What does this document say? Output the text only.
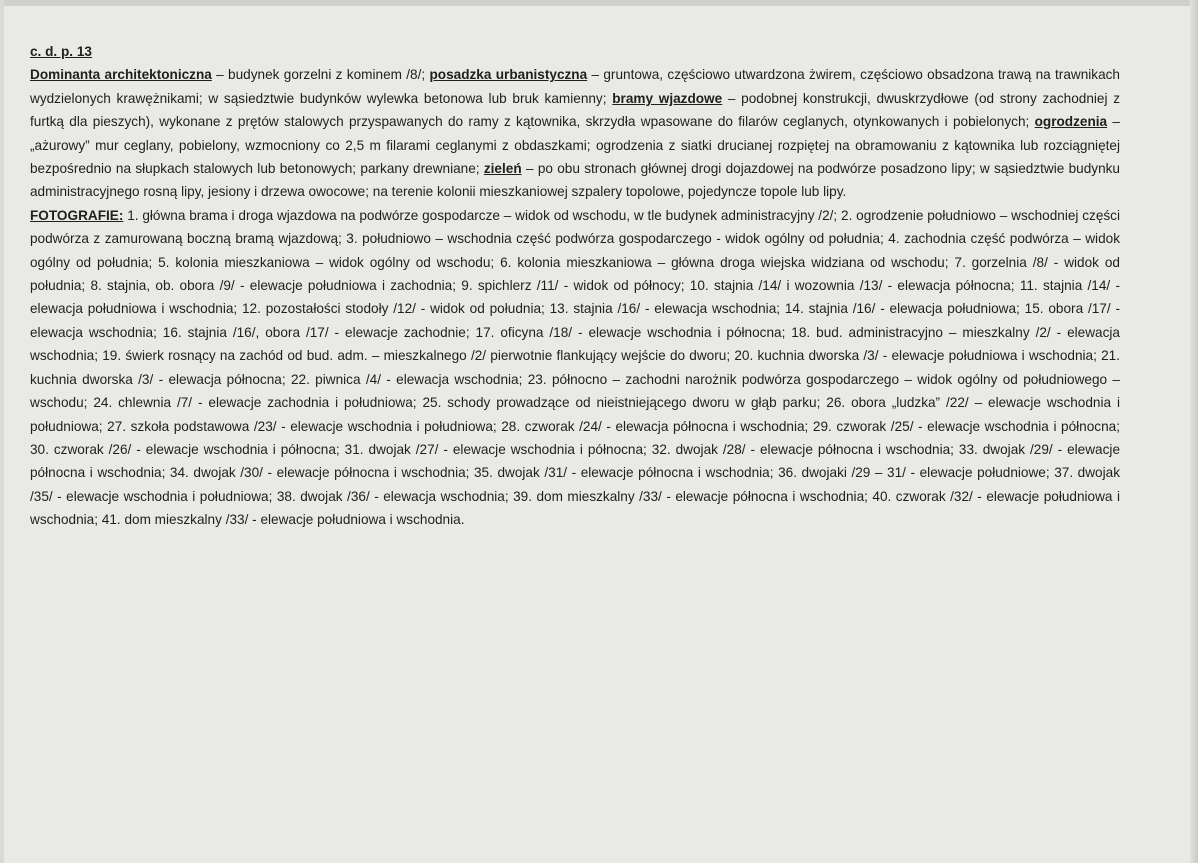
c. d. p. 13

Dominanta architektoniczna – budynek gorzelni z kominem /8/; posadzka urbanistyczna – gruntowa, częściowo utwardzona żwirem, częściowo obsadzona trawą na trawnikach wydzielonych krawężnikami; w sąsiedztwie budynków wylewka betonowa lub bruk kamienny; bramy wjazdowe – podobnej konstrukcji, dwuskrzydłowe (od strony zachodniej z furtką dla pieszych), wykonane z prętów stalowych przyspawanych do ramy z kątownika, skrzydła wpasowane do filarów ceglanych, otynkowanych i pobielonych; ogrodzenia – „ażurowy” mur ceglany, pobielony, wzmocniony co 2,5 m filarami ceglanymi z obdaszkami; ogrodzenia z siatki drucianej rozpiętej na obramowaniu z kątownika lub rozciągniętej bezpośrednio na słupkach stalowych lub betonowych; parkany drewniane; zieleń – po obu stronach głównej drogi dojazdowej na podwórze posadzono lipy; w sąsiedztwie budynku administracyjnego rosną lipy, jesiony i drzewa owocowe; na terenie kolonii mieszkaniowej szpalery topolowe, pojedyncze topole lub lipy.

FOTOGRAFIE: 1. główna brama i droga wjazdowa na podwórze gospodarcze – widok od wschodu, w tle budynek administracyjny /2/; 2. ogrodzenie południowo – wschodniej części podwórza z zamurowaną boczną bramą wjazdową; 3. południowo – wschodnia część podwórza gospodarczego - widok ogólny od południa; 4. zachodnia część podwórza – widok ogólny od południa; 5. kolonia mieszkaniowa – widok ogólny od wschodu; 6. kolonia mieszkaniowa – główna droga wiejska widziana od wschodu; 7. gorzelnia /8/ - widok od południa; 8. stajnia, ob. obora /9/ - elewacje południowa i zachodnia; 9. spichlerz /11/ - widok od północy; 10. stajnia /14/ i wozownia /13/ - elewacja północna; 11. stajnia /14/ - elewacja południowa i wschodnia; 12. pozostałości stodoły /12/ - widok od południa; 13. stajnia /16/ - elewacja wschodnia; 14. stajnia /16/ - elewacja południowa; 15. obora /17/ - elewacja wschodnia; 16. stajnia /16/, obora /17/ - elewacje zachodnie; 17. oficyna /18/ - elewacje wschodnia i północna; 18. bud. administracyjno – mieszkalny /2/ - elewacja wschodnia; 19. świerk rosnący na zachód od bud. adm. – mieszkalnego /2/ pierwotnie flankujący wejście do dworu; 20. kuchnia dworska /3/ - elewacje południowa i wschodnia; 21. kuchnia dworska /3/ - elewacja północna; 22. piwnica /4/ - elewacja wschodnia; 23. północno – zachodni narożnik podwórza gospodarczego – widok ogólny od południowego – wschodu; 24. chlewnia /7/ - elewacje zachodnia i południowa; 25. schody prowadzące od nieistniejącego dworu w głąb parku; 26. obora „ludzka” /22/ – elewacje wschodnia i południowa; 27. szkoła podstawowa /23/ - elewacje wschodnia i południowa; 28. czworak /24/ - elewacja północna i wschodnia; 29. czworak /25/ - elewacje wschodnia i północna; 30. czworak /26/ - elewacje wschodnia i północna; 31. dwojak /27/ - elewacje wschodnia i północna; 32. dwojak /28/ - elewacje północna i wschodnia; 33. dwojak /29/ - elewacje północna i wschodnia; 34. dwojak /30/ - elewacje północna i wschodnia; 35. dwojak /31/ - elewacje północna i wschodnia; 36. dwojaki /29 – 31/ - elewacje południowe; 37. dwojak /35/ - elewacje wschodnia i południowa; 38. dwojak /36/ - elewacja wschodnia; 39. dom mieszkalny /33/ - elewacje północna i wschodnia; 40. czworak /32/ - elewacje południowa i wschodnia; 41. dom mieszkalny /33/ - elewacje południowa i wschodnia.
